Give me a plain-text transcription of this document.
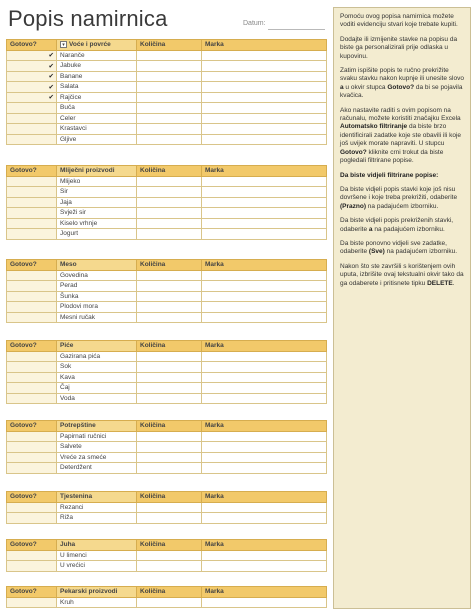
Popis namirnica	Datum:
Gotovo?	▾ Voće i povrće	Količina	Marka
✔	Naranče		
✔	Jabuke		
✔	Banane		
✔	Salata		
✔	Rajčice		
	Buča		
	Celer		
	Krastavci		
	Gljive		
Gotovo?	Mliječni proizvodi	Količina	Marka
	Mlijeko		
	Sir		
	Jaja		
	Svježi sir		
	Kiselo vrhnje		
	Jogurt		
Gotovo?	Meso	Količina	Marka
	Govedina		
	Perad		
	Šunka		
	Plodovi mora		
	Mesni ručak		
Gotovo?	Piće	Količina	Marka
	Gazirana pića		
	Sok		
	Kava		
	Čaj		
	Voda		
Gotovo?	Potrepštine	Količina	Marka
	Papirnati ručnici		
	Salvete		
	Vreće za smeće		
	Deterdžent		
Gotovo?	Tjestenina	Količina	Marka
	Rezanci		
	Riža		
Gotovo?	Juha	Količina	Marka
	U limenci		
	U vrećici		
Gotovo?	Pekarski proizvodi	Količina	Marka
	Kruh		

Pomoću ovog popisa namirnica možete voditi evidenciju stvari koje trebate kupiti.

Dodajte ili izmijenite stavke na popisu da biste ga personalizirali prije odlaska u kupovinu.

Zatim ispišite popis te ručno prekrižite svaku stavku nakon kupnje ili unesite slovo a u okvir stupca Gotovo? da bi se pojavila kvačica.

Ako nastavite raditi s ovim popisom na računalu, možete koristiti značajku Excela Automatsko filtriranje da biste brzo identificirali zadatke koje ste obavili ili koje još uvijek morate napraviti. U stupcu Gotovo? kliknite crni trokut da biste pogledali filtrirane popise.

Da biste vidjeli filtrirane popise:

Da biste vidjeli popis stavki koje još nisu dovršene i koje treba prekrižiti, odaberite (Prazno) na padajućem izborniku.

Da biste vidjeli popis prekriženih stavki, odaberite a na padajućem izborniku.

Da biste ponovno vidjeli sve zadatke, odaberite (Sve) na padajućem izborniku.

Nakon što ste završili s korištenjem ovih uputa, izbrišite ovaj tekstualni okvir tako da ga odaberete i pritisnete tipku DELETE.
